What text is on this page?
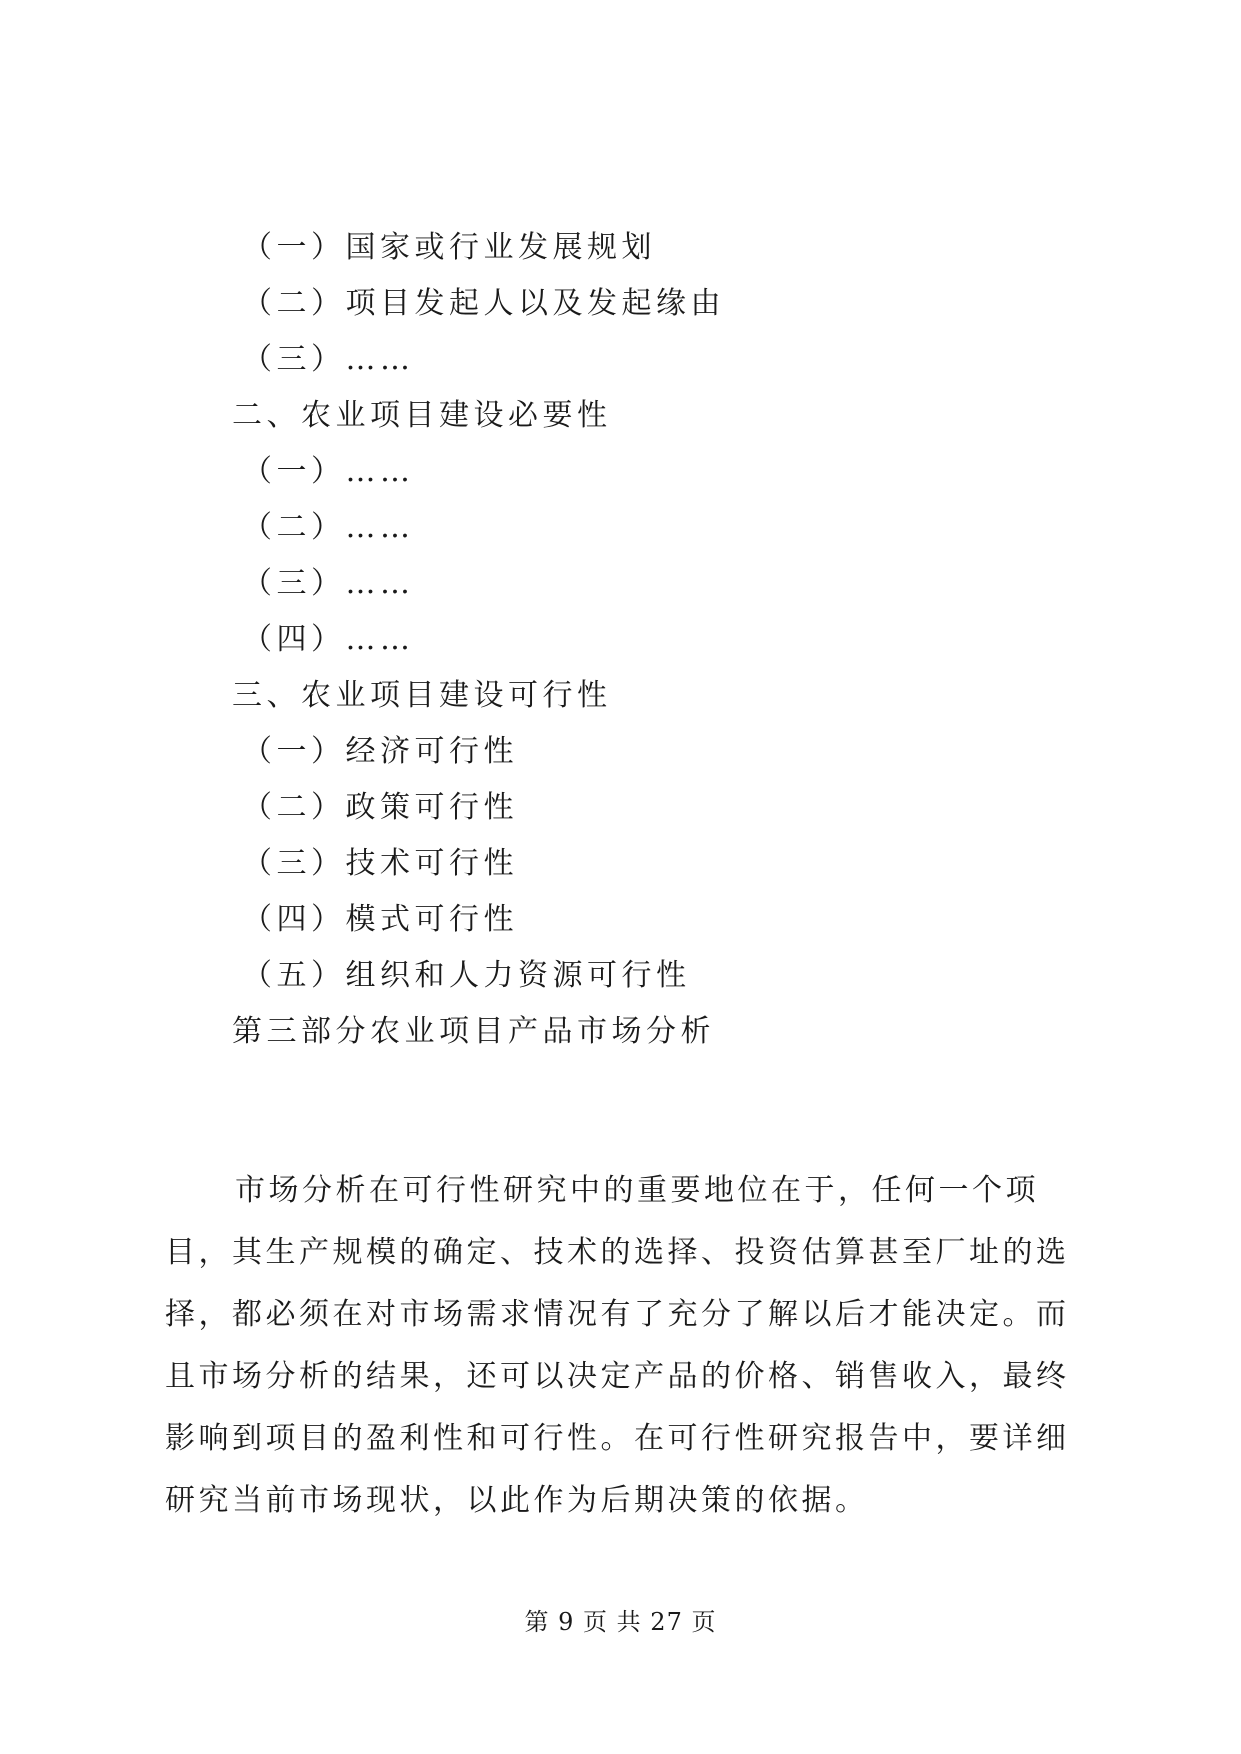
（一）国家或行业发展规划
（二）项目发起人以及发起缘由
（三）……
二、农业项目建设必要性
（一）……
（二）……
（三）……
（四）……
三、农业项目建设可行性
（一）经济可行性
（二）政策可行性
（三）技术可行性
（四）模式可行性
（五）组织和人力资源可行性
第三部分农业项目产品市场分析
市场分析在可行性研究中的重要地位在于，任何一个项目，其生产规模的确定、技术的选择、投资估算甚至厂址的选择，都必须在对市场需求情况有了充分了解以后才能决定。而且市场分析的结果，还可以决定产品的价格、销售收入，最终影响到项目的盈利性和可行性。在可行性研究报告中，要详细研究当前市场现状，以此作为后期决策的依据。
第 9 页 共 27 页
